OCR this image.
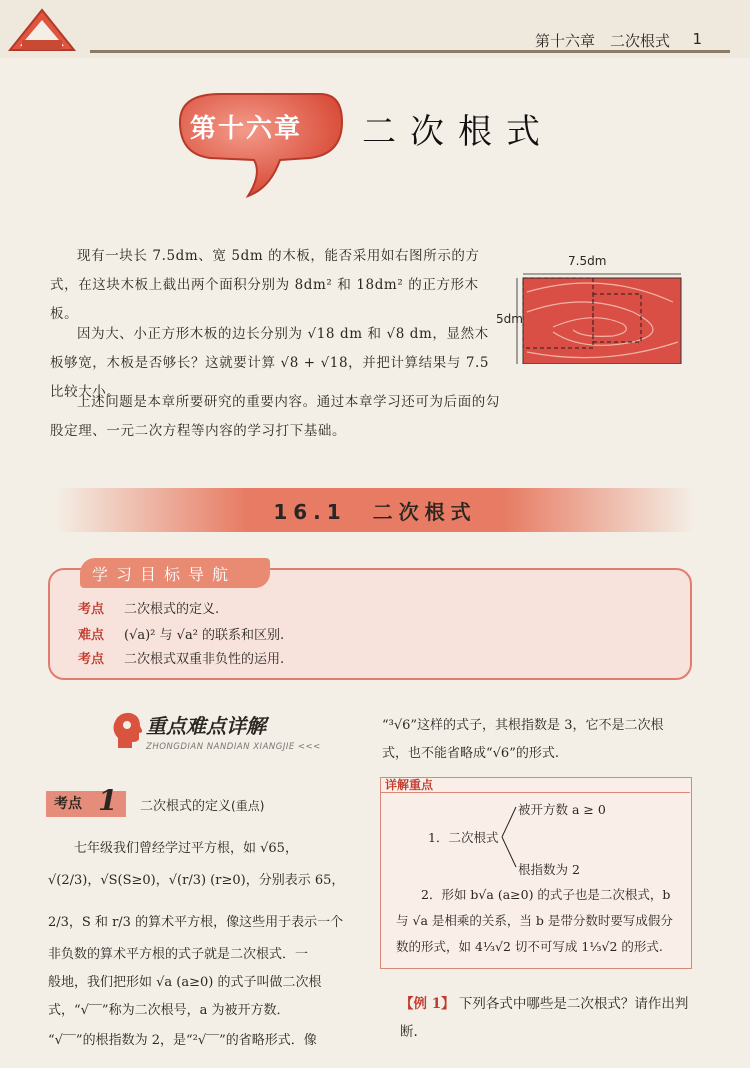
第十六章　二次根式 1
第十六章 二次根式
现有一块长 7.5dm、宽 5dm 的木板，能否采用如右图所示的方式，在这块木板上截出两个面积分别为 8dm² 和 18dm² 的正方形木板。
因为大、小正方形木板的边长分别为 √18 dm 和 √8 dm，显然木板够宽，木板是否够长？这就要计算 √8 + √18，并把计算结果与 7.5 比较大小。
上述问题是本章所要研究的重要内容。通过本章学习还可为后面的勾股定理、一元二次方程等内容的学习打下基础。
7.5dm
5dm
16.1　二次根式
学习目标导航
考点 二次根式的定义.
难点 (√a)² 与 √a² 的联系和区别.
考点 二次根式双重非负性的运用.
重点难点详解
ZHONGDIAN NANDIAN XIANGJIE <<<
考点 1 二次根式的定义(重点)
七年级我们曾经学过平方根，如 √65，
√(2/3)，√S(S≥0)，√(r/3) (r≥0)，分别表示 65，
2/3，S 和 r/3 的算术平方根，像这些用于表示一个
非负数的算术平方根的式子就是二次根式．一
般地，我们把形如 √a (a≥0) 的式子叫做二次根
式，“√‾‾”称为二次根号，a 为被开方数．
“√‾‾”的根指数为 2，是“²√‾‾”的省略形式．像
“³√6”这样的式子，其根指数是 3，它不是二次根
式，也不能省略成“√6”的形式.
详解重点
1．二次根式
被开方数 a ≥ 0
根指数为 2
2．形如 b√a (a≥0) 的式子也是二次根式，b 与 √a 是相乘的关系，当 b 是带分数时要写成假分数的形式，如 4⅓√2 切不可写成 1⅓√2 的形式.
【例 1】 下列各式中哪些是二次根式？请作出判断.
